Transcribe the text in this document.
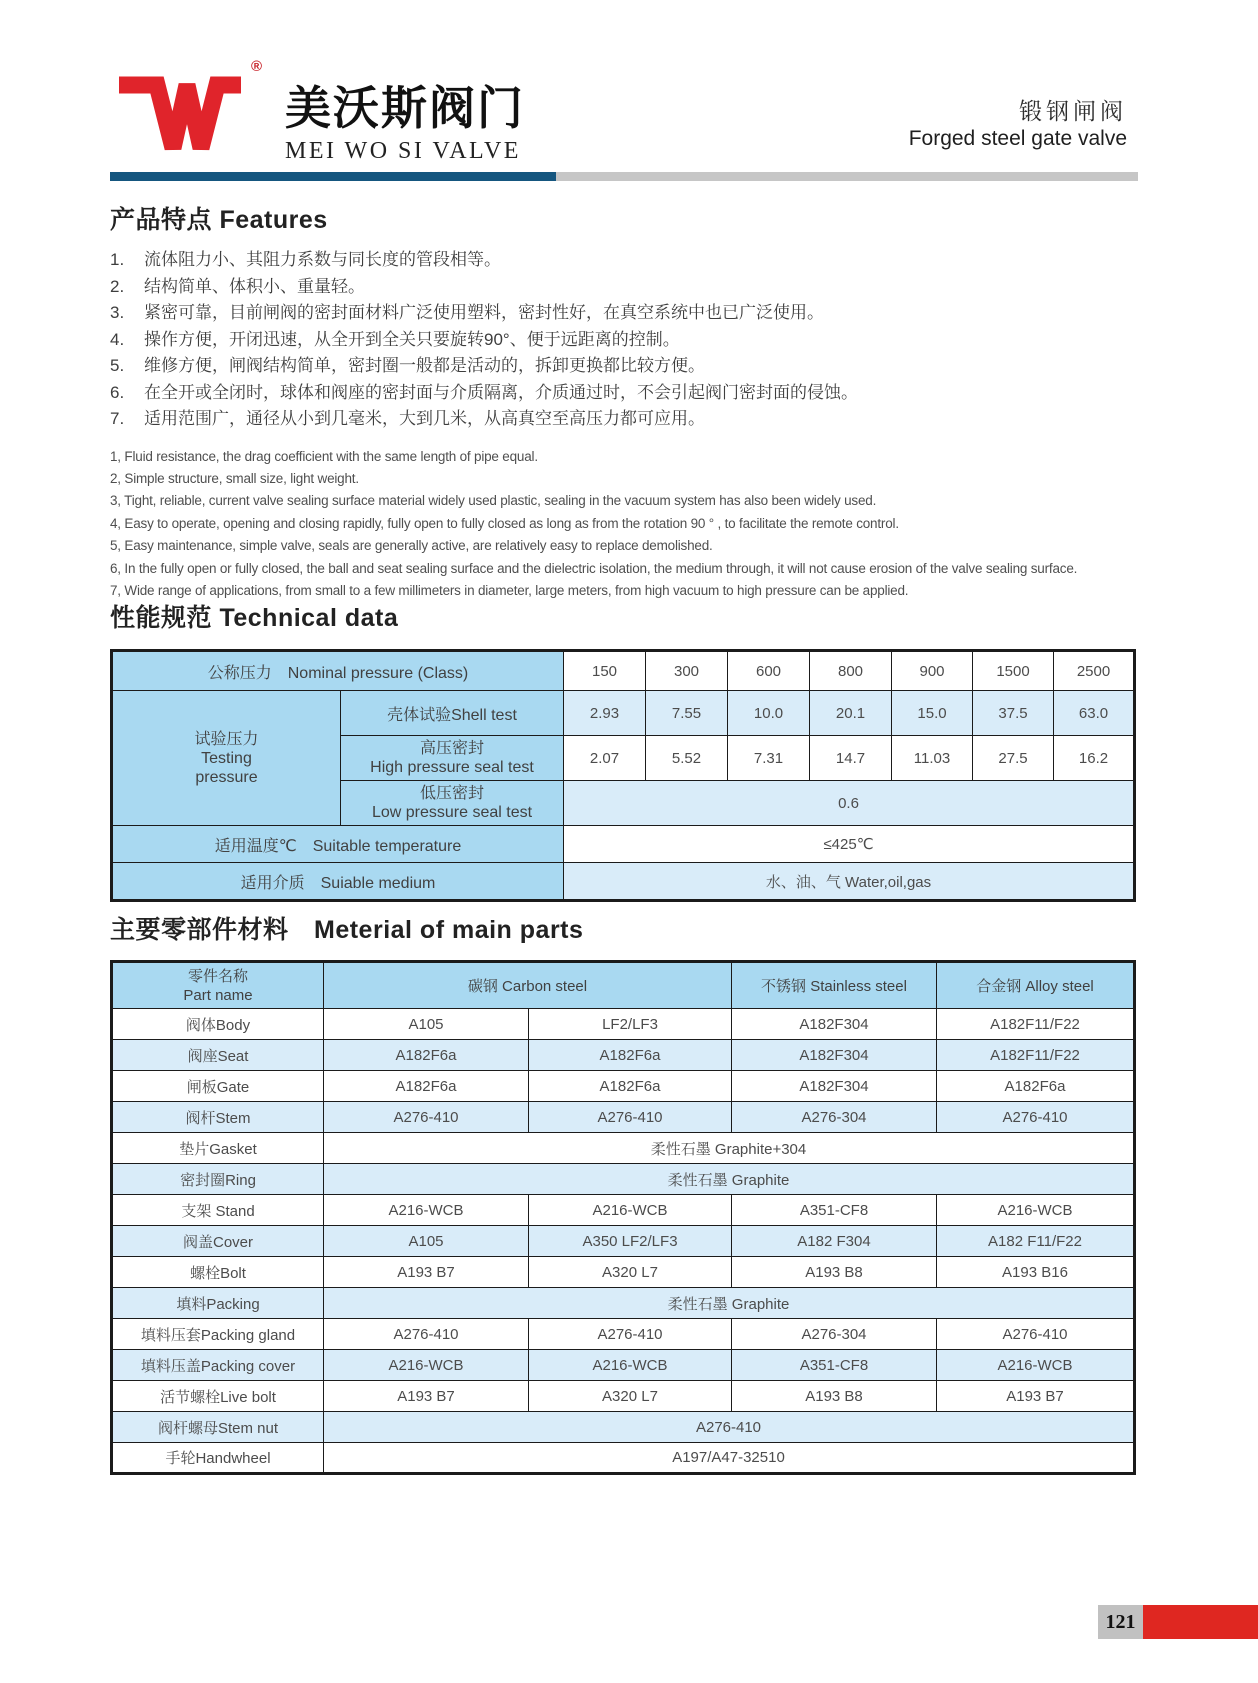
®
美沃斯阀门
MEI WO SI VALVE
锻钢闸阀
Forged steel gate valve
产品特点 Features
1.	流体阻力小、其阻力系数与同长度的管段相等。
2.	结构简单、体积小、重量轻。
3.	紧密可靠，目前闸阀的密封面材料广泛使用塑料，密封性好，在真空系统中也已广泛使用。
4.	操作方便，开闭迅速，从全开到全关只要旋转90°、便于远距离的控制。
5.	维修方便，闸阀结构简单，密封圈一般都是活动的，拆卸更换都比较方便。
6.	在全开或全闭时，球体和阀座的密封面与介质隔离，介质通过时，不会引起阀门密封面的侵蚀。
7.	适用范围广，通径从小到几毫米，大到几米，从高真空至高压力都可应用。
1, Fluid resistance, the drag coefficient with the same length of pipe equal.
2, Simple structure, small size, light weight.
3, Tight, reliable, current valve sealing surface material widely used plastic, sealing in the vacuum system has also been widely used.
4, Easy to operate, opening and closing rapidly, fully open to fully closed as long as from the rotation 90 ° , to facilitate the remote control.
5, Easy maintenance, simple valve, seals are generally active, are relatively easy to replace demolished.
6, In the fully open or fully closed, the ball and seat sealing surface and the dielectric isolation, the medium through, it will not cause erosion of the valve sealing surface.
7, Wide range of applications, from small to a few millimeters in diameter, large meters, from high vacuum to high pressure can be applied.
性能规范 Technical data
公称压力　Nominal pressure (Class)		150	300	600	800	900	1500	2500

试验压力
Testing
pressure	壳体试验Shell test	2.93	7.55	10.0	20.1	15.0	37.5	63.0

	高压密封
High pressure seal test	2.07	5.52	7.31	14.7	11.03	27.5	16.2

	低压密封
Low pressure seal test	0.6						
适用温度℃　Suitable temperature		≤425℃						
适用介质　Suiable medium		水、油、气 Water,oil,gas						
主要零部件材料　Meterial of main parts
零件名称
Part name	碳钢 Carbon steel		不锈钢 Stainless steel	合金钢 Alloy steel
阀体Body	A105	LF2/LF3	A182F304	A182F11/F22
阀座Seat	A182F6a	A182F6a	A182F304	A182F11/F22
闸板Gate	A182F6a	A182F6a	A182F304	A182F6a
阀杆Stem	A276-410	A276-410	A276-304	A276-410
垫片Gasket	柔性石墨 Graphite+304			
密封圈Ring	柔性石墨 Graphite			
支架 Stand	A216-WCB	A216-WCB	A351-CF8	A216-WCB
阀盖Cover	A105	A350 LF2/LF3	A182 F304	A182 F11/F22
螺栓Bolt	A193 B7	A320 L7	A193 B8	A193 B16
填料Packing	柔性石墨 Graphite			
填料压套Packing gland	A276-410	A276-410	A276-304	A276-410
填料压盖Packing cover	A216-WCB	A216-WCB	A351-CF8	A216-WCB
活节螺栓Live bolt	A193 B7	A320 L7	A193 B8	A193 B7
阀杆螺母Stem nut	A276-410			
手轮Handwheel	A197/A47-32510			
121
